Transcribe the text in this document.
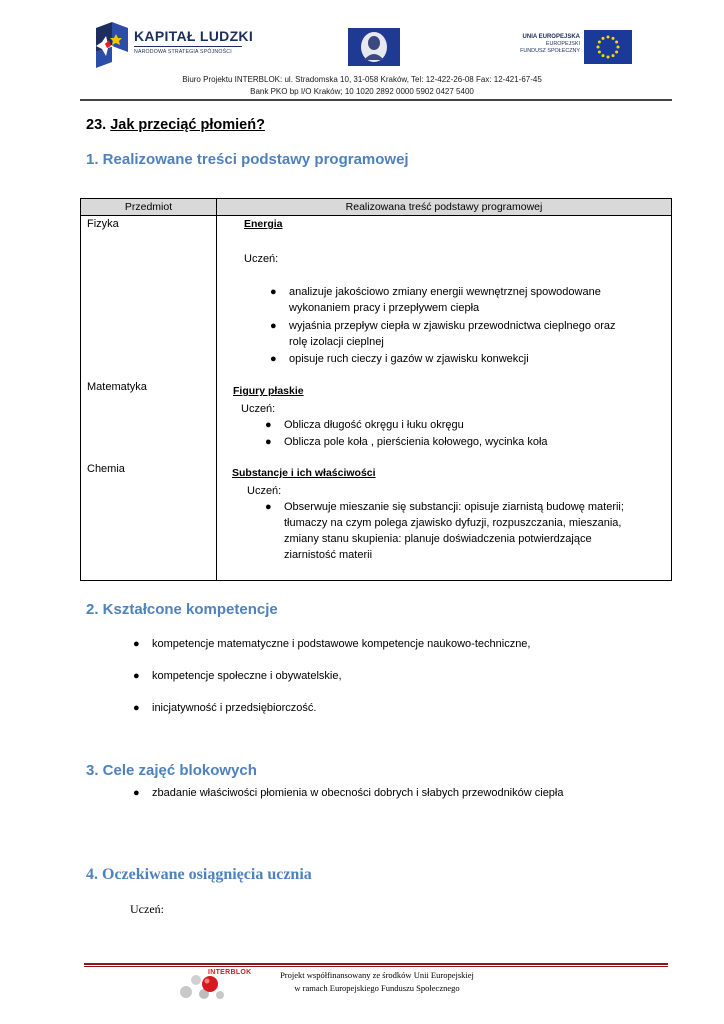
KAPITAŁ LUDZKI
NARODOWA STRATEGIA SPÓJNOŚCI
UNIA EUROPEJSKA
EUROPEJSKI
FUNDUSZ SPOŁECZNY
Biuro Projektu INTERBLOK: ul. Stradomska 10, 31-058 Kraków, Tel: 12-422-26-08 Fax: 12-421-67-45
Bank PKO bp I/O Kraków; 10 1020 2892 0000 5902 0427 5400
23. Jak przeciąć płomień?
1. Realizowane treści podstawy programowej
Przedmiot	Realizowana treść podstawy programowej
Fizyka
Matematyka
Chemia
Energia
Uczeń:
● analizuje jakościowo zmiany energii wewnętrznej spowodowane
wykonaniem pracy i przepływem ciepła
● wyjaśnia przepływ ciepła w zjawisku przewodnictwa cieplnego oraz
rolę izolacji cieplnej
● opisuje ruch cieczy i gazów w zjawisku konwekcji
Figury płaskie
Uczeń:
● Oblicza długość okręgu i łuku okręgu
● Oblicza pole koła , pierścienia kołowego, wycinka koła
Substancje i ich właściwości
Uczeń:
● Obserwuje mieszanie się substancji: opisuje ziarnistą budowę materii;
tłumaczy na czym polega zjawisko dyfuzji, rozpuszczania, mieszania,
zmiany stanu skupienia: planuje doświadczenia potwierdzające
ziarnistość materii
2. Kształcone kompetencje
● kompetencje matematyczne i podstawowe kompetencje naukowo-techniczne,
● kompetencje społeczne i obywatelskie,
● inicjatywność i przedsiębiorczość.
3. Cele zajęć blokowych
● zbadanie właściwości płomienia w obecności dobrych i słabych przewodników ciepła
4. Oczekiwane osiągnięcia ucznia
Uczeń:
INTERBLOK	Projekt współfinansowany ze środków Unii Europejskiej
w ramach Europejskiego Funduszu Społecznego
